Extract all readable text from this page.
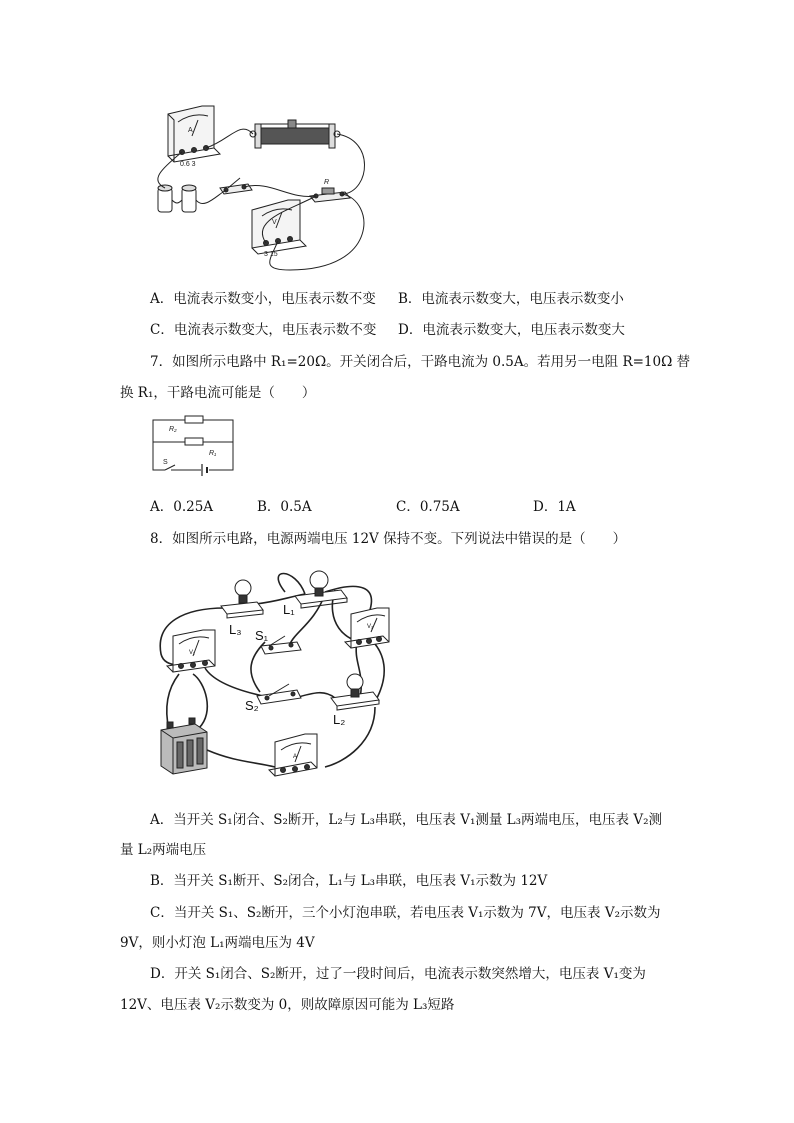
A
0.6 3
V
3 15
R
A．电流表示数变小，电压表示数不变 B．电流表示数变大，电压表示数变小
C．电流表示数变大，电压表示数不变 D．电流表示数变大，电压表示数变大
7．如图所示电路中 R₁=20Ω。开关闭合后，干路电流为 0.5A。若用另一电阻 R=10Ω 替
换 R₁，干路电流可能是（　　）
R₂
R₁
S
A．0.25A	B．0.5A	C．0.75A	D．1A
8．如图所示电路，电源两端电压 12V 保持不变。下列说法中错误的是（　　）
L₃
L₁
S₁
S₂
L₂
V₁
V₂
A
A．当开关 S₁闭合、S₂断开，L₂与 L₃串联，电压表 V₁测量 L₃两端电压，电压表 V₂测
量 L₂两端电压
B．当开关 S₁断开、S₂闭合，L₁与 L₃串联，电压表 V₁示数为 12V
C．当开关 S₁、S₂断开，三个小灯泡串联，若电压表 V₁示数为 7V，电压表 V₂示数为
9V，则小灯泡 L₁两端电压为 4V
D．开关 S₁闭合、S₂断开，过了一段时间后，电流表示数突然增大，电压表 V₁变为
12V、电压表 V₂示数变为 0，则故障原因可能为 L₃短路
